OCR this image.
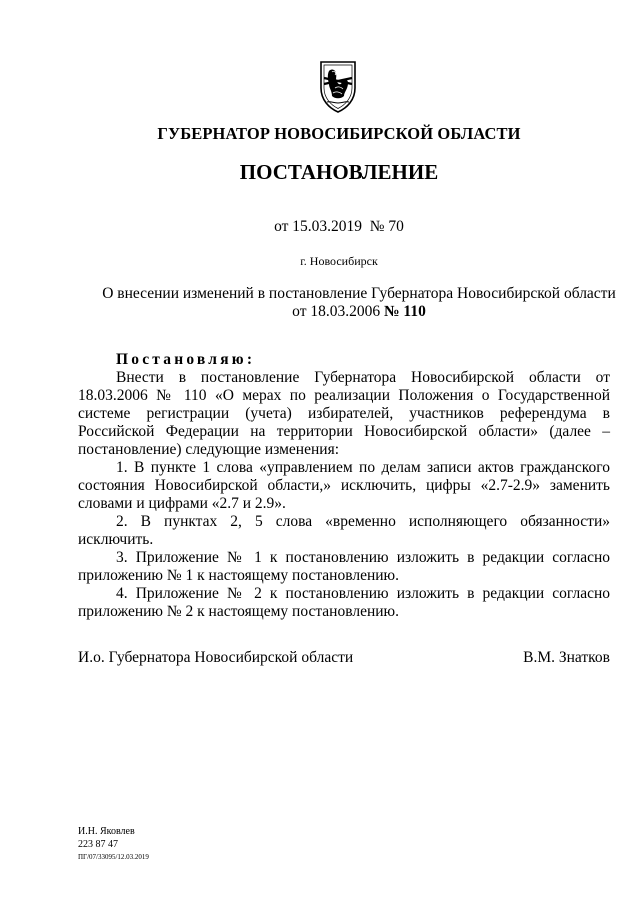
ГУБЕРНАТОР НОВОСИБИРСКОЙ ОБЛАСТИ
ПОСТАНОВЛЕНИЕ
от 15.03.2019  № 70
г. Новосибирск
О внесении изменений в постановление Губернатора Новосибирской области
от 18.03.2006 № 110

Постановляю:

Внести в постановление Губернатора Новосибирской области от 18.03.2006 № 110 «О мерах по реализации Положения о Государственной системе регистрации (учета) избирателей, участников референдума в Российской Федерации на территории Новосибирской области» (далее – постановление) следующие изменения:

1. В пункте 1 слова «управлением по делам записи актов гражданского состояния Новосибирской области,» исключить, цифры «2.7-2.9» заменить словами и цифрами «2.7 и 2.9».

2. В пунктах 2, 5 слова «временно исполняющего обязанности» исключить.

3. Приложение № 1 к постановлению изложить в редакции согласно приложению № 1 к настоящему постановлению.

4. Приложение № 2 к постановлению изложить в редакции согласно приложению № 2 к настоящему постановлению.

И.о. Губернатора Новосибирской области	В.М. Знатков
И.Н. Яковлев
223 87 47
ПГ/07/33095/12.03.2019
